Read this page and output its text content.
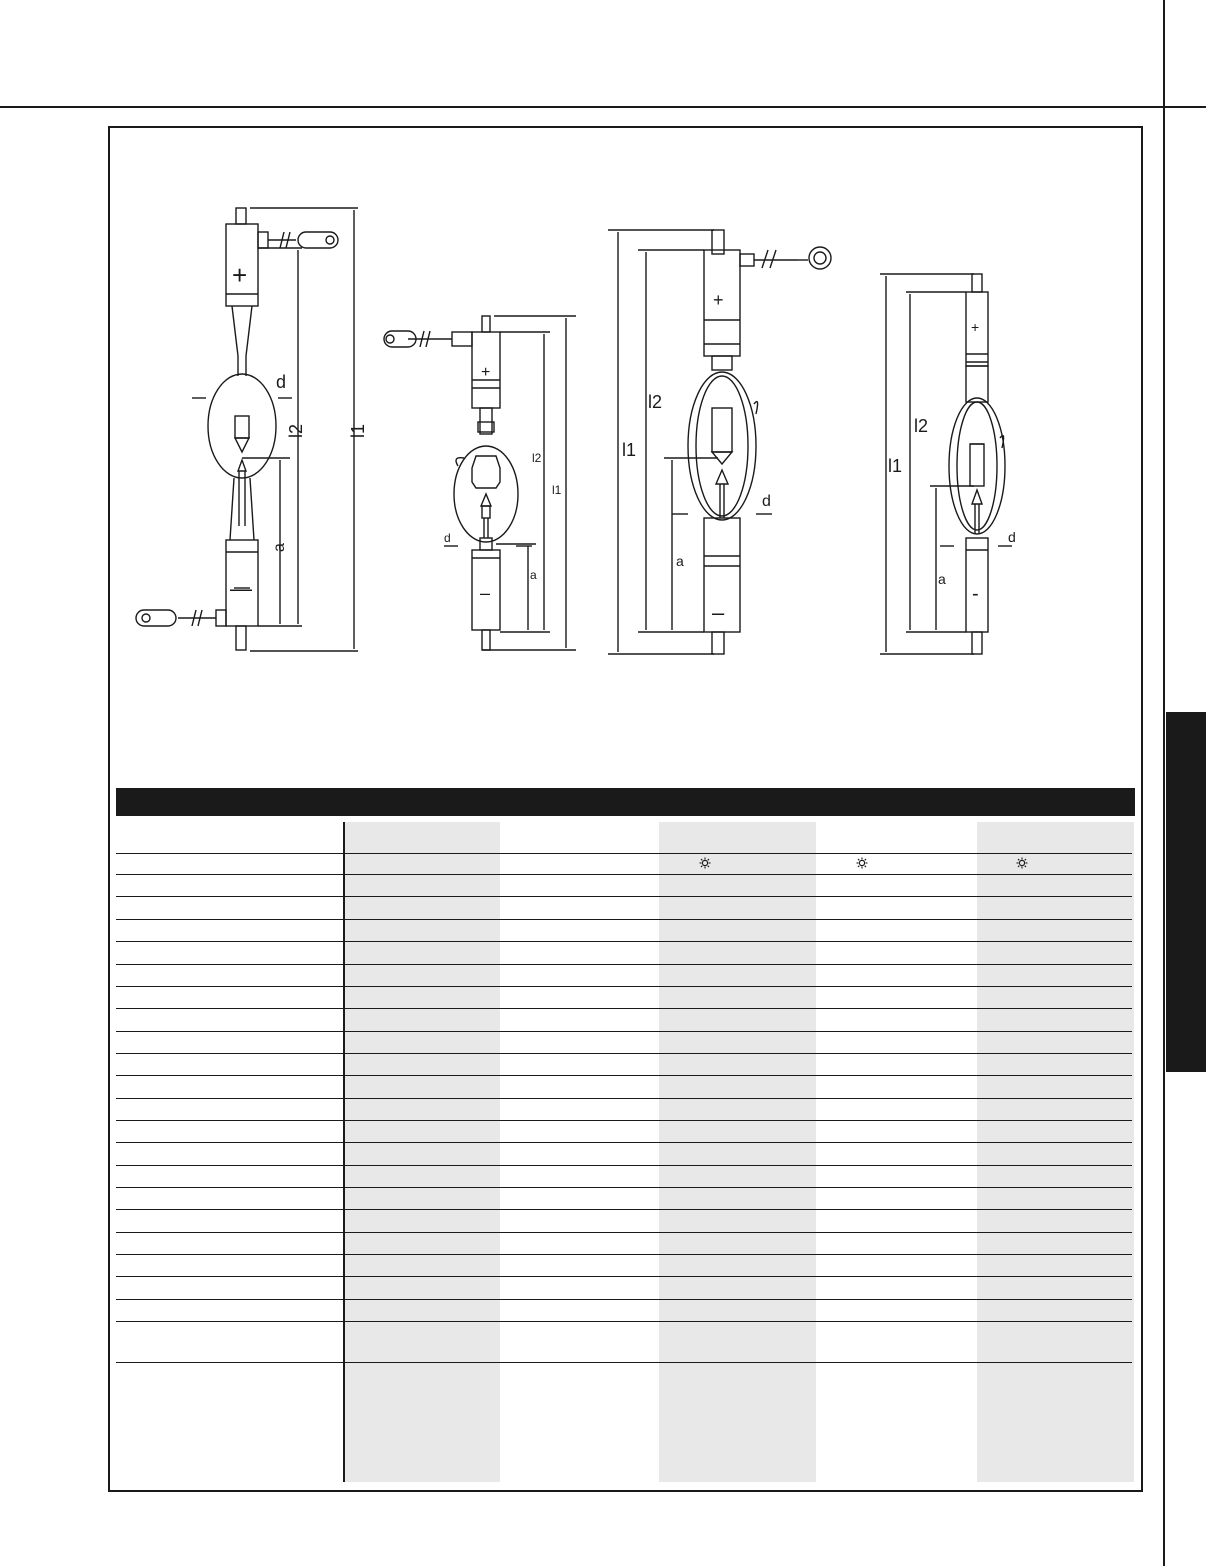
+
—
d
l2 l1
a
+
–
d
l2
l1
a
+
–
d
l2
l1
a
+
-
d
l2
l1
a
